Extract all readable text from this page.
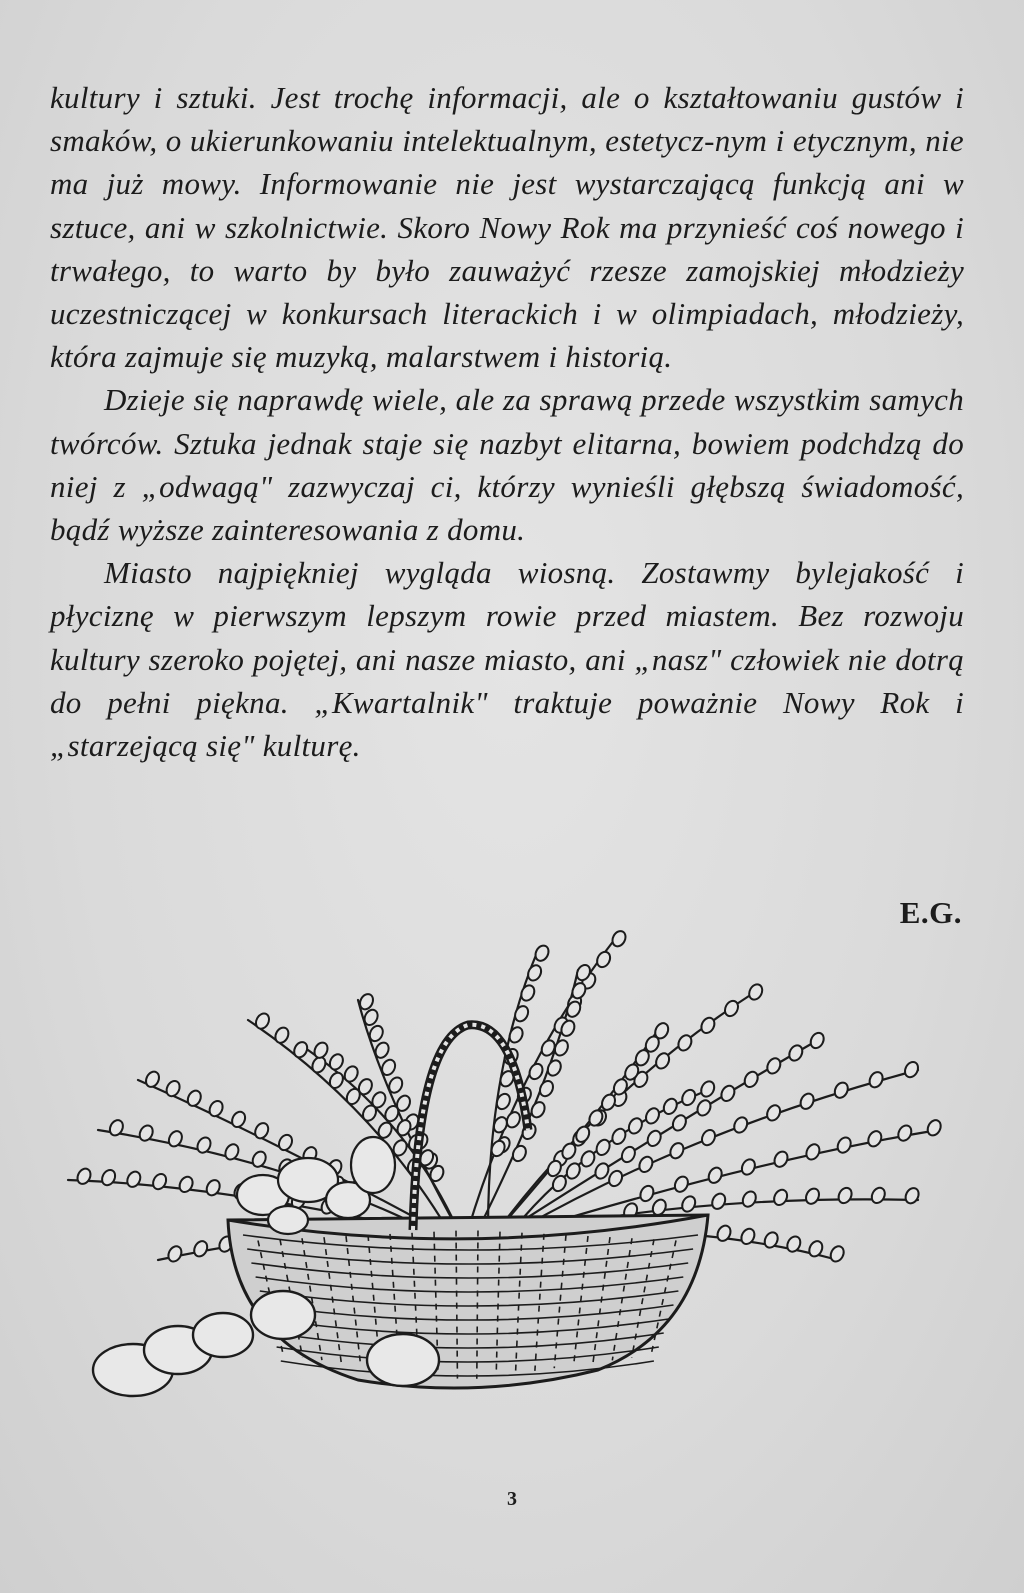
kultury i sztuki. Jest trochę informacji, ale o kształtowaniu gustów i smaków, o ukierunkowaniu intelektualnym, estetycz-nym i etycznym, nie ma już mowy. Informowanie nie jest wystarczającą funkcją ani w sztuce, ani w szkolnictwie. Skoro Nowy Rok ma przynieść coś nowego i trwałego, to warto by było zauważyć rzesze zamojskiej młodzieży uczestniczącej w konkursach literackich i w olimpiadach, młodzieży, która zajmuje się muzyką, malarstwem i historią.

Dzieje się naprawdę wiele, ale za sprawą przede wszystkim samych twórców. Sztuka jednak staje się nazbyt elitarna, bowiem podchdzą do niej z „odwagą" zazwyczaj ci, którzy wynieśli głębszą świadomość, bądź wyższe zainteresowania z domu.

Miasto najpiękniej wygląda wiosną. Zostawmy bylejakość i płyciznę w pierwszym lepszym rowie przed miastem. Bez rozwoju kultury szeroko pojętej, ani nasze miasto, ani „nasz" człowiek nie dotrą do pełni piękna. „Kwartalnik" traktuje poważnie Nowy Rok i „starzejącą się" kulturę.

E.G.
3
